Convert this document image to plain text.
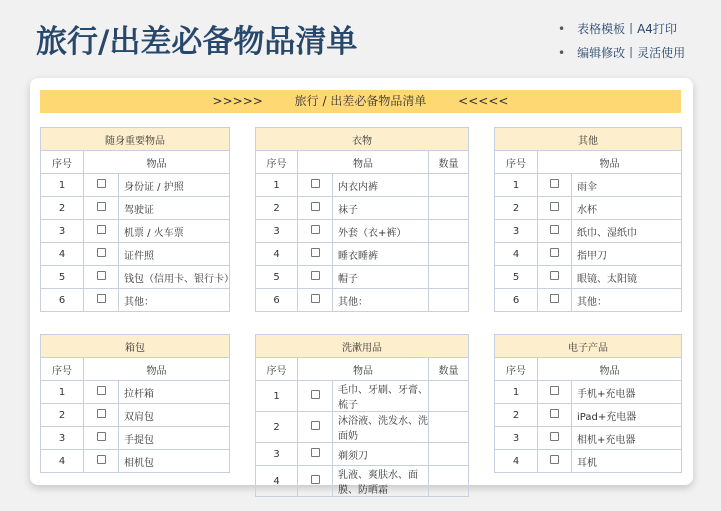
旅行/出差必备物品清单	• 表格模板丨A4打印
• 编辑修改丨灵活使用
>>>>>	旅行 / 出差必备物品清单	<<<<<
随身重要物品		
序号	物品	
1		身份证 / 护照
2		驾驶证
3		机票 / 火车票
4		证件照
5		钱包（信用卡、银行卡）
6		其他：
衣物			
序号	物品		数量
1		内衣内裤	
2		袜子	
3		外套（衣+裤）	
4		睡衣睡裤	
5		帽子	
6		其他：	
其他		
序号	物品	
1		雨伞
2		水杯
3		纸巾、湿纸巾
4		指甲刀
5		眼镜、太阳镜
6		其他：
箱包		
序号	物品	
1		拉杆箱
2		双肩包
3		手提包
4		相机包
洗漱用品			
序号	物品		数量
1		毛巾、牙刷、牙膏、梳子	
2		沐浴液、洗发水、洗面奶	
3		剃须刀	
4		乳液、爽肤水、面膜、防晒霜	
电子产品		
序号	物品	
1		手机+充电器
2		iPad+充电器
3		相机+充电器
4		耳机
